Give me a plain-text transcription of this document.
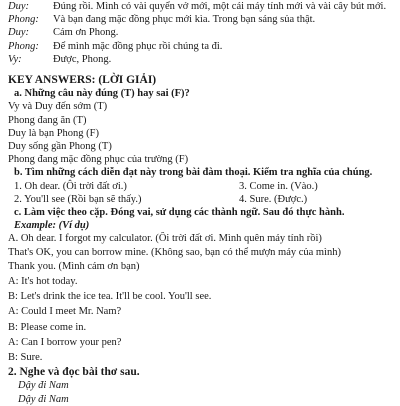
Duy:	Đúng rồi. Mình có vài quyển vở mới, một cái máy tính mới và vài cây bút mới.
Phong:	Và bạn đang mặc đồng phục mới kìa. Trong bạn sáng sủa thật.
Duy:	Cám ơn Phong.
Phong:	Để mình mặc đồng phục rồi chúng ta đi.
Vy:	Được, Phong.
KEY ANSWERS: (LỜI GIẢI)
a. Những câu này đúng (T) hay sai (F)?
Vy và Duy đến sớm (T)
Phong đang ăn (T)
Duy là bạn Phong (F)
Duy sống gần Phong (T)
Phong đang mặc đồng phục của trường (F)
b. Tìm những cách diễn đạt này trong bài đàm thoại. Kiểm tra nghĩa của chúng.
1. Oh dear. (Ôi trời đất ơi.)	3. Come in. (Vào.)
2. You'll see (Rồi bạn sẽ thấy.)	4. Sure. (Được.)
c. Làm việc theo cặp. Đóng vai, sử dụng các thành ngữ. Sau đó thực hành.
Example: (Ví dụ)
A. Oh dear. I forgot my calculator. (Ôi trời đất ơi. Mình quên máy tính rồi)
That's OK, you can borrow mine. (Không sao, bạn có thể mượn máy của mình)
Thank you. (Mình cám ơn bạn)
A: It's hot today.
B: Let's drink the ice tea. It'll be cool. You'll see.
A: Could I meet Mr. Nam?
B: Please come in.
A: Can I borrow your pen?
B: Sure.
2. Nghe và đọc bài thơ sau.
Dậy đi Nam
Dậy đi Nam
